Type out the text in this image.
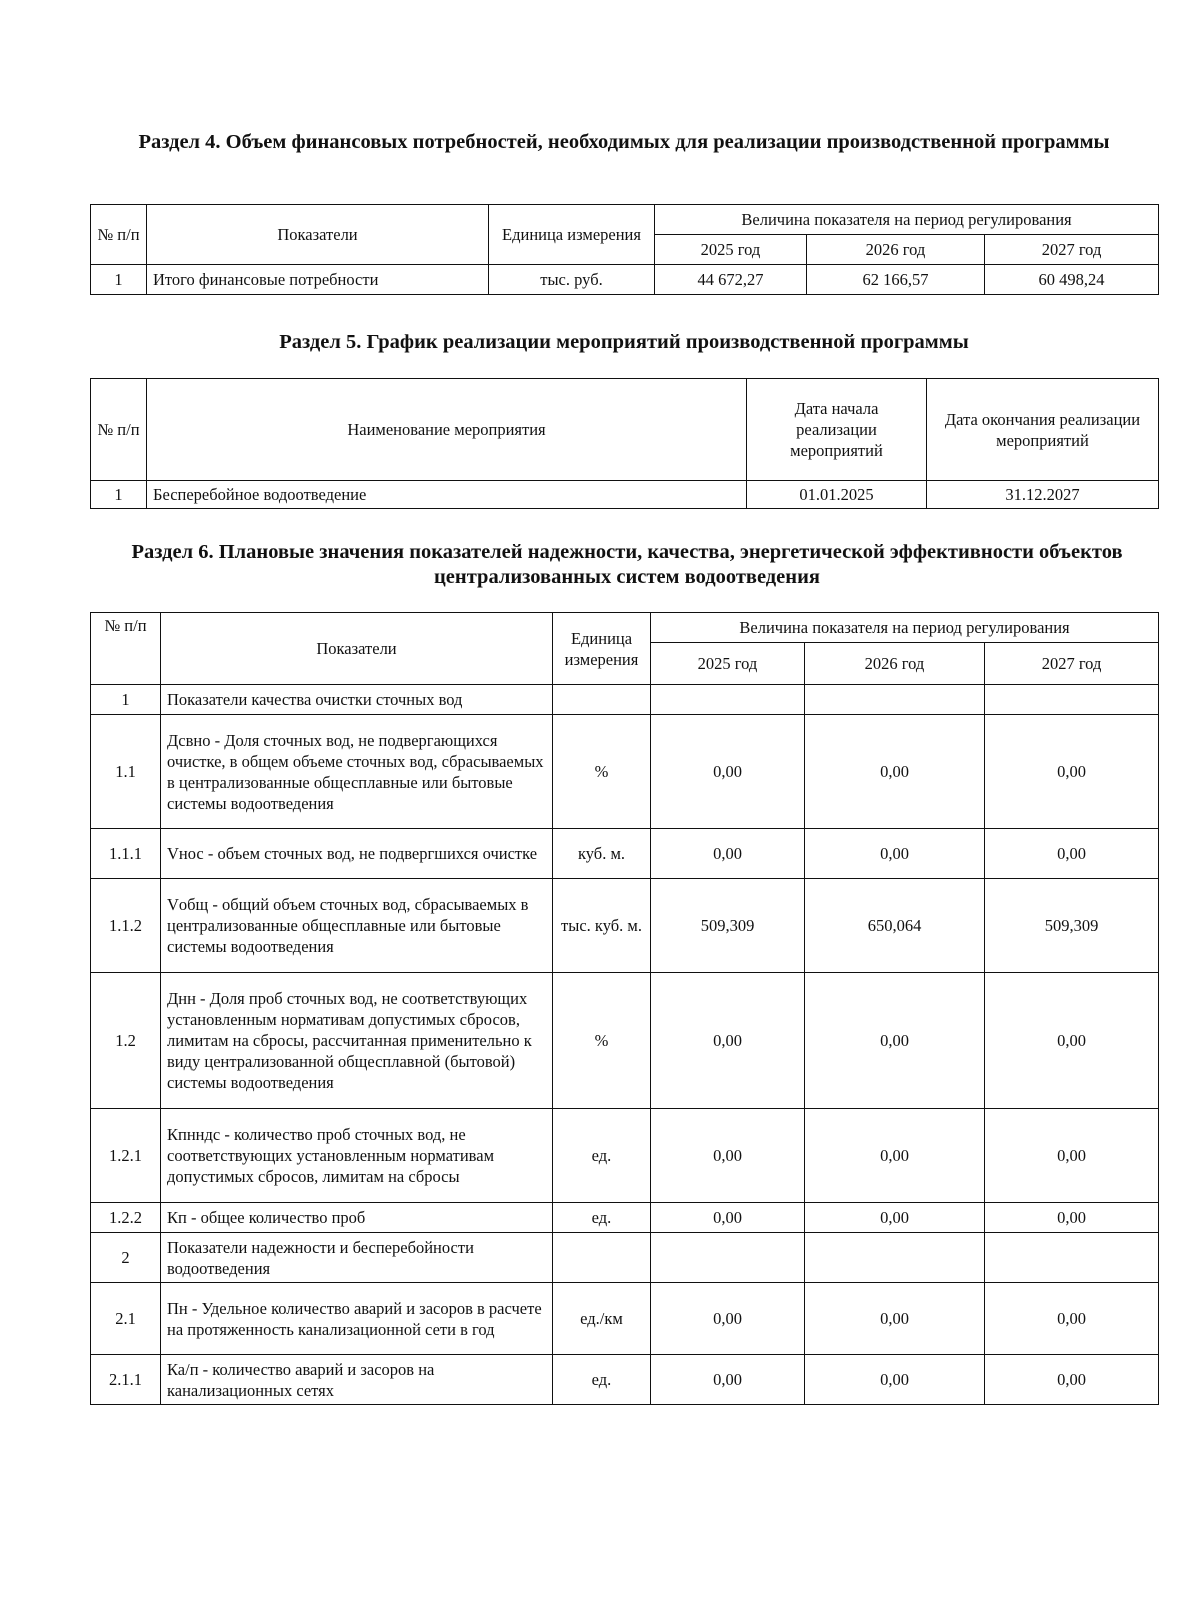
Раздел 4. Объем финансовых потребностей, необходимых для реализации производственной программы
№ п/п	Показатели	Единица измерения	Величина показателя на период регулирования		
			2025 год	2026 год	2027 год
1	Итого финансовые потребности	тыс. руб.	44 672,27	62 166,57	60 498,24
Раздел 5. График реализации мероприятий производственной программы
№ п/п	Наименование мероприятия	Дата начала реализации мероприятий	Дата окончания реализации мероприятий
1	Бесперебойное водоотведение	01.01.2025	31.12.2027
Раздел 6. Плановые значения показателей надежности, качества, энергетической эффективности объектов централизованных систем водоотведения
№ п/п	Показатели	Единица измерения	Величина показателя на период регулирования		
			2025 год	2026 год	2027 год
1	Показатели качества очистки сточных вод				
1.1	Дсвно - Доля сточных вод, не подвергающихся очистке, в общем объеме сточных вод, сбрасываемых в централизованные общесплавные или бытовые системы водоотведения	%	0,00	0,00	0,00
1.1.1	Vнос - объем сточных вод, не подвергшихся очистке	куб. м.	0,00	0,00	0,00
1.1.2	Vобщ - общий объем сточных вод, сбрасываемых в централизованные общесплавные или бытовые системы водоотведения	тыс. куб. м.	509,309	650,064	509,309
1.2	Днн - Доля проб сточных вод, не соответствующих установленным нормативам допустимых сбросов, лимитам на сбросы, рассчитанная применительно к виду централизованной общесплавной (бытовой) системы водоотведения	%	0,00	0,00	0,00
1.2.1	Кпнндс - количество проб сточных вод, не соответствующих установленным нормативам допустимых сбросов, лимитам на сбросы	ед.	0,00	0,00	0,00
1.2.2	Кп - общее количество проб	ед.	0,00	0,00	0,00
2	Показатели надежности и бесперебойности водоотведения				
2.1	Пн - Удельное количество аварий и засоров в расчете на протяженность канализационной сети в год	ед./км	0,00	0,00	0,00
2.1.1	Ка/п - количество аварий и засоров на канализационных сетях	ед.	0,00	0,00	0,00
